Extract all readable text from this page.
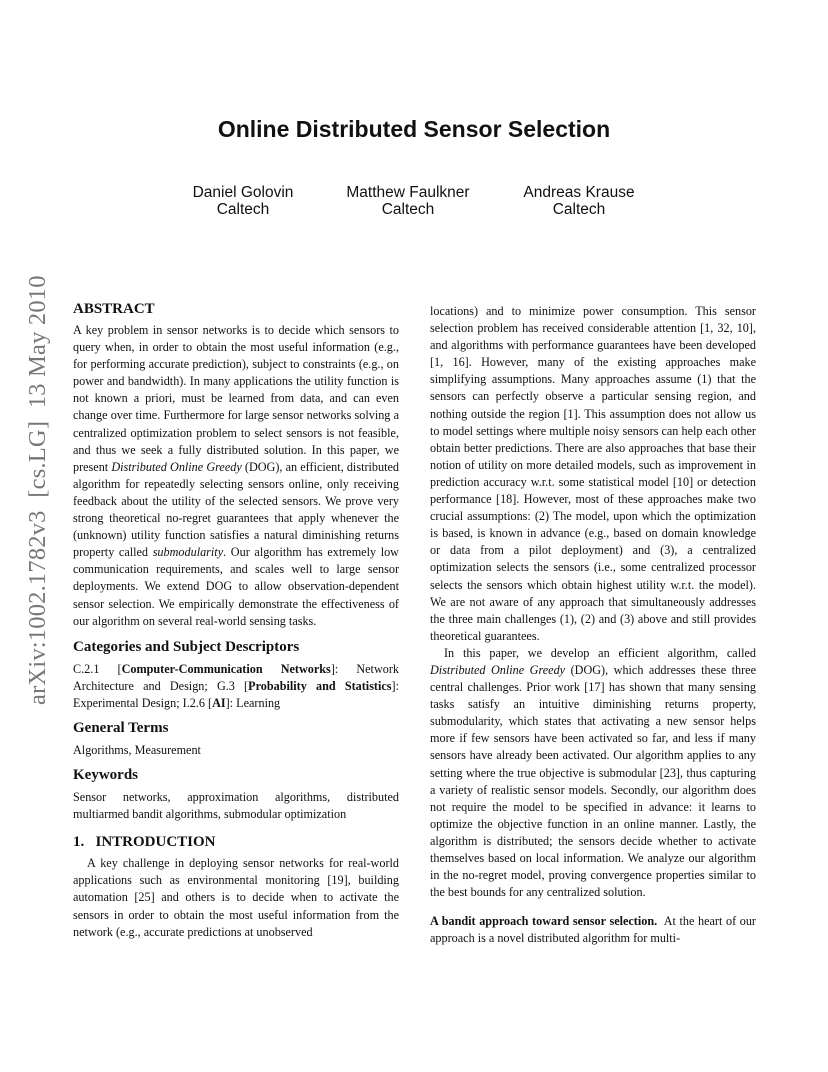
Online Distributed Sensor Selection
Daniel Golovin
Caltech
Matthew Faulkner
Caltech
Andreas Krause
Caltech
arXiv:1002.1782v3  [cs.LG]  13 May 2010 ABSTRACT

A key problem in sensor networks is to decide which sensors to query when, in order to obtain the most useful information (e.g., for performing accurate prediction), subject to constraints (e.g., on power and bandwidth). In many applications the utility function is not known a priori, must be learned from data, and can even change over time. Furthermore for large sensor networks solving a centralized optimization problem to select sensors is not feasible, and thus we seek a fully distributed solution. In this paper, we present Distributed Online Greedy (DOG), an efficient, distributed algorithm for repeatedly selecting sensors online, only receiving feedback about the utility of the selected sensors. We prove very strong theoretical no-regret guarantees that apply whenever the (unknown) utility function satisfies a natural diminishing returns property called submodularity. Our algorithm has extremely low communication requirements, and scales well to large sensor deployments. We extend DOG to allow observation-dependent sensor selection. We empirically demonstrate the effectiveness of our algorithm on several real-world sensing tasks.

Categories and Subject Descriptors

C.2.1 [Computer-Communication Networks]: Network Architecture and Design; G.3 [Probability and Statistics]: Experimental Design; I.2.6 [AI]: Learning

General Terms

Algorithms, Measurement

Keywords

Sensor networks, approximation algorithms, distributed multiarmed bandit algorithms, submodular optimization

1.   INTRODUCTION

A key challenge in deploying sensor networks for real-world applications such as environmental monitoring [19], building automation [25] and others is to decide when to activate the sensors in order to obtain the most useful information from the network (e.g., accurate predictions at unobserved

locations) and to minimize power consumption. This sensor selection problem has received considerable attention [1, 32, 10], and algorithms with performance guarantees have been developed [1, 16]. However, many of the existing approaches make simplifying assumptions. Many approaches assume (1) that the sensors can perfectly observe a particular sensing region, and nothing outside the region [1]. This assumption does not allow us to model settings where multiple noisy sensors can help each other obtain better predictions. There are also approaches that base their notion of utility on more detailed models, such as improvement in prediction accuracy w.r.t. some statistical model [10] or detection performance [18]. However, most of these approaches make two crucial assumptions: (2) The model, upon which the optimization is based, is known in advance (e.g., based on domain knowledge or data from a pilot deployment) and (3), a centralized optimization selects the sensors (i.e., some centralized processor selects the sensors which obtain highest utility w.r.t. the model). We are not aware of any approach that simultaneously addresses the three main challenges (1), (2) and (3) above and still provides theoretical guarantees.

In this paper, we develop an efficient algorithm, called Distributed Online Greedy (DOG), which addresses these three central challenges. Prior work [17] has shown that many sensing tasks satisfy an intuitive diminishing returns property, submodularity, which states that activating a new sensor helps more if few sensors have been activated so far, and less if many sensors have already been activated. Our algorithm applies to any setting where the true objective is submodular [23], thus capturing a variety of realistic sensor models. Secondly, our algorithm does not require the model to be specified in advance: it learns to optimize the objective function in an online manner. Lastly, the algorithm is distributed; the sensors decide whether to activate themselves based on local information. We analyze our algorithm in the no-regret model, proving convergence properties similar to the best bounds for any centralized solution.

A bandit approach toward sensor selection.  At the heart of our approach is a novel distributed algorithm for multi-
